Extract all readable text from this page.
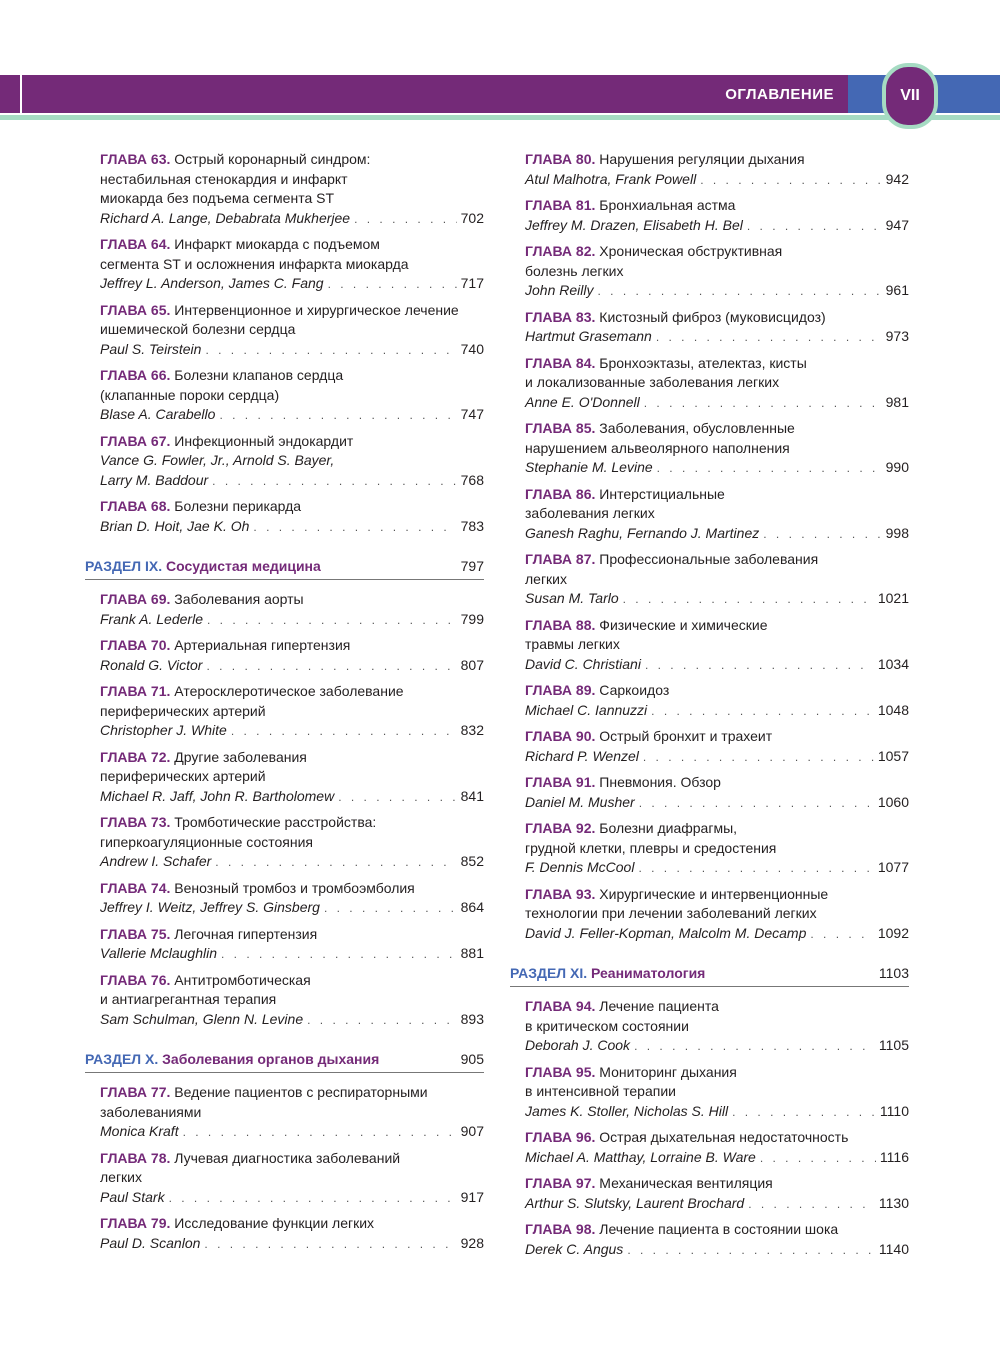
ОГЛАВЛЕНИЕ	VII
ГЛАВА 63. Острый коронарный синдром:
нестабильная стенокардия и инфаркт
миокарда без подъема сегмента ST
Richard A. Lange, Debabrata Mukherjee . . .	702
ГЛАВА 64. Инфаркт миокарда с подъемом
сегмента ST и осложнения инфаркта миокарда
Jeffrey L. Anderson, James C. Fang . . .	717
ГЛАВА 65. Интервенционное и хирургическое лечение
ишемической болезни сердца
Paul S. Teirstein . . .	740
ГЛАВА 66. Болезни клапанов сердца
(клапанные пороки сердца)
Blase A. Carabello . . .	747
ГЛАВА 67. Инфекционный эндокардит
Vance G. Fowler, Jr., Arnold S. Bayer,
Larry M. Baddour . . .	768
ГЛАВА 68. Болезни перикарда
Brian D. Hoit, Jae K. Oh . . .	783
РАЗДЕЛ IX. Сосудистая медицина	797
ГЛАВА 69. Заболевания аорты
Frank A. Lederle . . .	799
ГЛАВА 70. Артериальная гипертензия
Ronald G. Victor . . .	807
ГЛАВА 71. Атеросклеротическое заболевание
периферических артерий
Christopher J. White . . .	832
ГЛАВА 72. Другие заболевания
периферических артерий
Michael R. Jaff, John R. Bartholomew . . .	841
ГЛАВА 73. Тромботические расстройства:
гиперкоагуляционные состояния
Andrew I. Schafer . . .	852
ГЛАВА 74. Венозный тромбоз и тромбоэмболия
Jeffrey I. Weitz, Jeffrey S. Ginsberg . . .	864
ГЛАВА 75. Легочная гипертензия
Vallerie Mclaughlin . . .	881
ГЛАВА 76. Антитромботическая
и антиагрегантная терапия
Sam Schulman, Glenn N. Levine . . .	893
РАЗДЕЛ X. Заболевания органов дыхания	905
ГЛАВА 77. Ведение пациентов с респираторными
заболеваниями
Monica Kraft . . .	907
ГЛАВА 78. Лучевая диагностика заболеваний
легких
Paul Stark . . .	917
ГЛАВА 79. Исследование функции легких
Paul D. Scanlon . . .	928
ГЛАВА 80. Нарушения регуляции дыхания
Atul Malhotra, Frank Powell . . .	942
ГЛАВА 81. Бронхиальная астма
Jeffrey M. Drazen, Elisabeth H. Bel . . .	947
ГЛАВА 82. Хроническая обструктивная
болезнь легких
John Reilly . . .	961
ГЛАВА 83. Кистозный фиброз (муковисцидоз)
Hartmut Grasemann . . .	973
ГЛАВА 84. Бронхоэктазы, ателектаз, кисты
и локализованные заболевания легких
Anne E. O'Donnell . . .	981
ГЛАВА 85. Заболевания, обусловленные
нарушением альвеолярного наполнения
Stephanie M. Levine . . .	990
ГЛАВА 86. Интерстициальные
заболевания легких
Ganesh Raghu, Fernando J. Martinez . . .	998
ГЛАВА 87. Профессиональные заболевания
легких
Susan M. Tarlo . . .	1021
ГЛАВА 88. Физические и химические
травмы легких
David C. Christiani . . .	1034
ГЛАВА 89. Саркоидоз
Michael C. Iannuzzi . . .	1048
ГЛАВА 90. Острый бронхит и трахеит
Richard P. Wenzel . . .	1057
ГЛАВА 91. Пневмония. Обзор
Daniel M. Musher . . .	1060
ГЛАВА 92. Болезни диафрагмы,
грудной клетки, плевры и средостения
F. Dennis McCool . . .	1077
ГЛАВА 93. Хирургические и интервенционные
технологии при лечении заболеваний легких
David J. Feller-Kopman, Malcolm M. Decamp . . .	1092
РАЗДЕЛ XI. Реаниматология	1103
ГЛАВА 94. Лечение пациента
в критическом состоянии
Deborah J. Cook . . .	1105
ГЛАВА 95. Мониторинг дыхания
в интенсивной терапии
James K. Stoller, Nicholas S. Hill . . .	1110
ГЛАВА 96. Острая дыхательная недостаточность
Michael A. Matthay, Lorraine B. Ware . . .	1116
ГЛАВА 97. Механическая вентиляция
Arthur S. Slutsky, Laurent Brochard . . .	1130
ГЛАВА 98. Лечение пациента в состоянии шока
Derek C. Angus . . .	1140
